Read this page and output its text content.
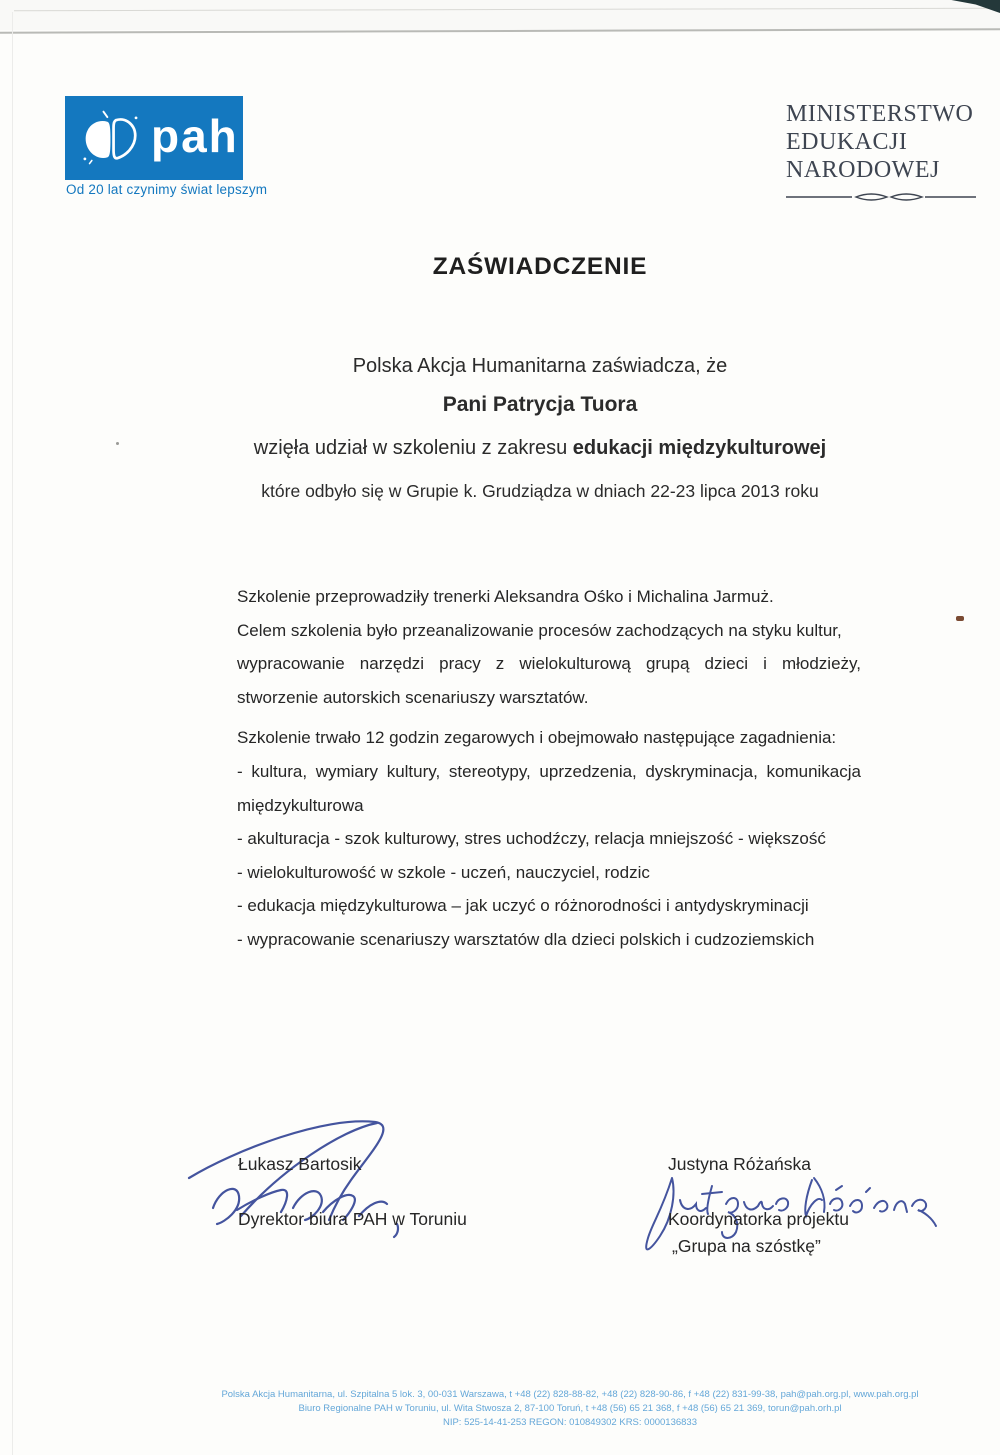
pah
Od 20 lat czynimy świat lepszym
MINISTERSTWO
EDUKACJI
NARODOWEJ
ZAŚWIADCZENIE
Polska Akcja Humanitarna zaświadcza, że
Pani Patrycja Tuora
wzięła udział w szkoleniu z zakresu edukacji międzykulturowej
które odbyło się w Grupie k. Grudziądza w dniach 22-23 lipca 2013 roku
Szkolenie przeprowadziły trenerki Aleksandra Ośko i Michalina Jarmuż.
Celem szkolenia było przeanalizowanie procesów zachodzących na styku kultur,
wypracowanie narzędzi pracy z wielokulturową grupą dzieci i młodzieży,
stworzenie autorskich scenariuszy warsztatów.
Szkolenie trwało 12 godzin zegarowych i obejmowało następujące zagadnienia:
- kultura, wymiary kultury, stereotypy, uprzedzenia, dyskryminacja, komunikacja
międzykulturowa
- akulturacja - szok kulturowy, stres uchodźczy, relacja mniejszość - większość
- wielokulturowość w szkole - uczeń, nauczyciel, rodzic
- edukacja międzykulturowa – jak uczyć o różnorodności i antydyskryminacji
- wypracowanie scenariuszy warsztatów dla dzieci polskich i cudzoziemskich
Łukasz Bartosik
Dyrektor biura PAH w Toruniu
Justyna Różańska
Koordynatorka projektu
„Grupa na szóstkę”
Polska Akcja Humanitarna, ul. Szpitalna 5 lok. 3, 00-031 Warszawa, t +48 (22) 828-88-82, +48 (22) 828-90-86, f +48 (22) 831-99-38, pah@pah.org.pl, www.pah.org.pl
Biuro Regionalne PAH w Toruniu, ul. Wita Stwosza 2, 87-100 Toruń, t +48 (56) 65 21 368, f +48 (56) 65 21 369, torun@pah.orh.pl
NIP: 525-14-41-253 REGON: 010849302 KRS: 0000136833
